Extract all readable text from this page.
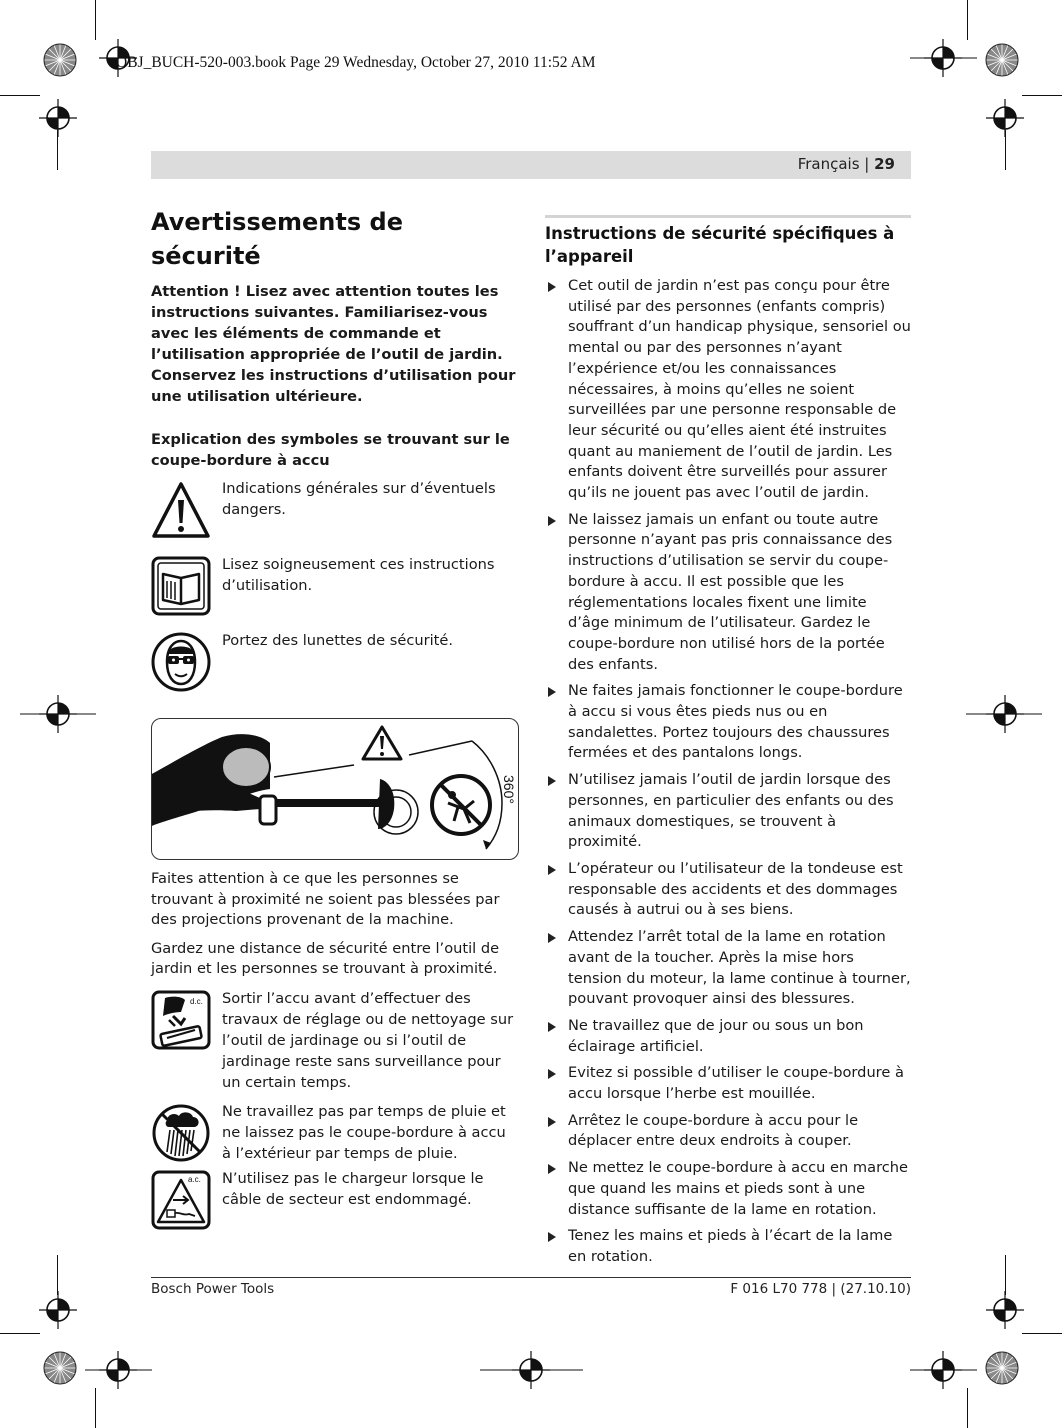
OBJ_BUCH-520-003.book Page 29 Wednesday, October 27, 2010 11:52 AM
Français | 29
Avertissements de sécurité

Attention ! Lisez avec attention toutes les instructions suivantes. Familiarisez-vous avec les éléments de commande et l’utilisation appropriée de l’outil de jardin. Conservez les instructions d’utilisation pour une utilisation ultérieure.

Explication des symboles se trouvant sur le coupe-bordure à accu

Indications générales sur d’éventuels dangers.
Lisez soigneusement ces instructions d’utilisation.
Portez des lunettes de sécurité.
360°

Faites attention à ce que les personnes se trouvant à proximité ne soient pas blessées par des projections provenant de la machine.

Gardez une distance de sécurité entre l’outil de jardin et les personnes se trouvant à proximité.

d.c. Sortir l’accu avant d’effectuer des travaux de réglage ou de nettoyage sur l’outil de jardinage ou si l’outil de jardinage reste sans surveillance pour un certain temps.
Ne travaillez pas par temps de pluie et ne laissez pas le coupe-bordure à accu à l’extérieur par temps de pluie.
a.c. N’utilisez pas le chargeur lorsque le câble de secteur est endommagé.
Instructions de sécurité spécifiques à l’appareil
Cet outil de jardin n’est pas conçu pour être utilisé par des personnes (enfants compris) souffrant d’un handicap physique, sensoriel ou mental ou par des personnes n’ayant l’expérience et/ou les connaissances nécessaires, à moins qu’elles ne soient surveillées par une personne responsable de leur sécurité ou qu’elles aient été instruites quant au maniement de l’outil de jardin. Les enfants doivent être surveillés pour assurer qu’ils ne jouent pas avec l’outil de jardin.
Ne laissez jamais un enfant ou toute autre personne n’ayant pas pris connaissance des instructions d’utilisation se servir du coupe-bordure à accu. Il est possible que les réglementations locales fixent une limite d’âge minimum de l’utilisateur. Gardez le coupe-bordure non utilisé hors de la portée des enfants.
Ne faites jamais fonctionner le coupe-bordure à accu si vous êtes pieds nus ou en sandalettes. Portez toujours des chaussures fermées et des pantalons longs.
N’utilisez jamais l’outil de jardin lorsque des personnes, en particulier des enfants ou des animaux domestiques, se trouvent à proximité.
L’opérateur ou l’utilisateur de la tondeuse est responsable des accidents et des dommages causés à autrui ou à ses biens.
Attendez l’arrêt total de la lame en rotation avant de la toucher. Après la mise hors tension du moteur, la lame continue à tourner, pouvant provoquer ainsi des blessures.
Ne travaillez que de jour ou sous un bon éclairage artificiel.
Evitez si possible d’utiliser le coupe-bordure à accu lorsque l’herbe est mouillée.
Arrêtez le coupe-bordure à accu pour le déplacer entre deux endroits à couper.
Ne mettez le coupe-bordure à accu en marche que quand les mains et pieds sont à une distance suffisante de la lame en rotation.
Tenez les mains et pieds à l’écart de la lame en rotation.
Bosch Power Tools	F 016 L70 778 | (27.10.10)
